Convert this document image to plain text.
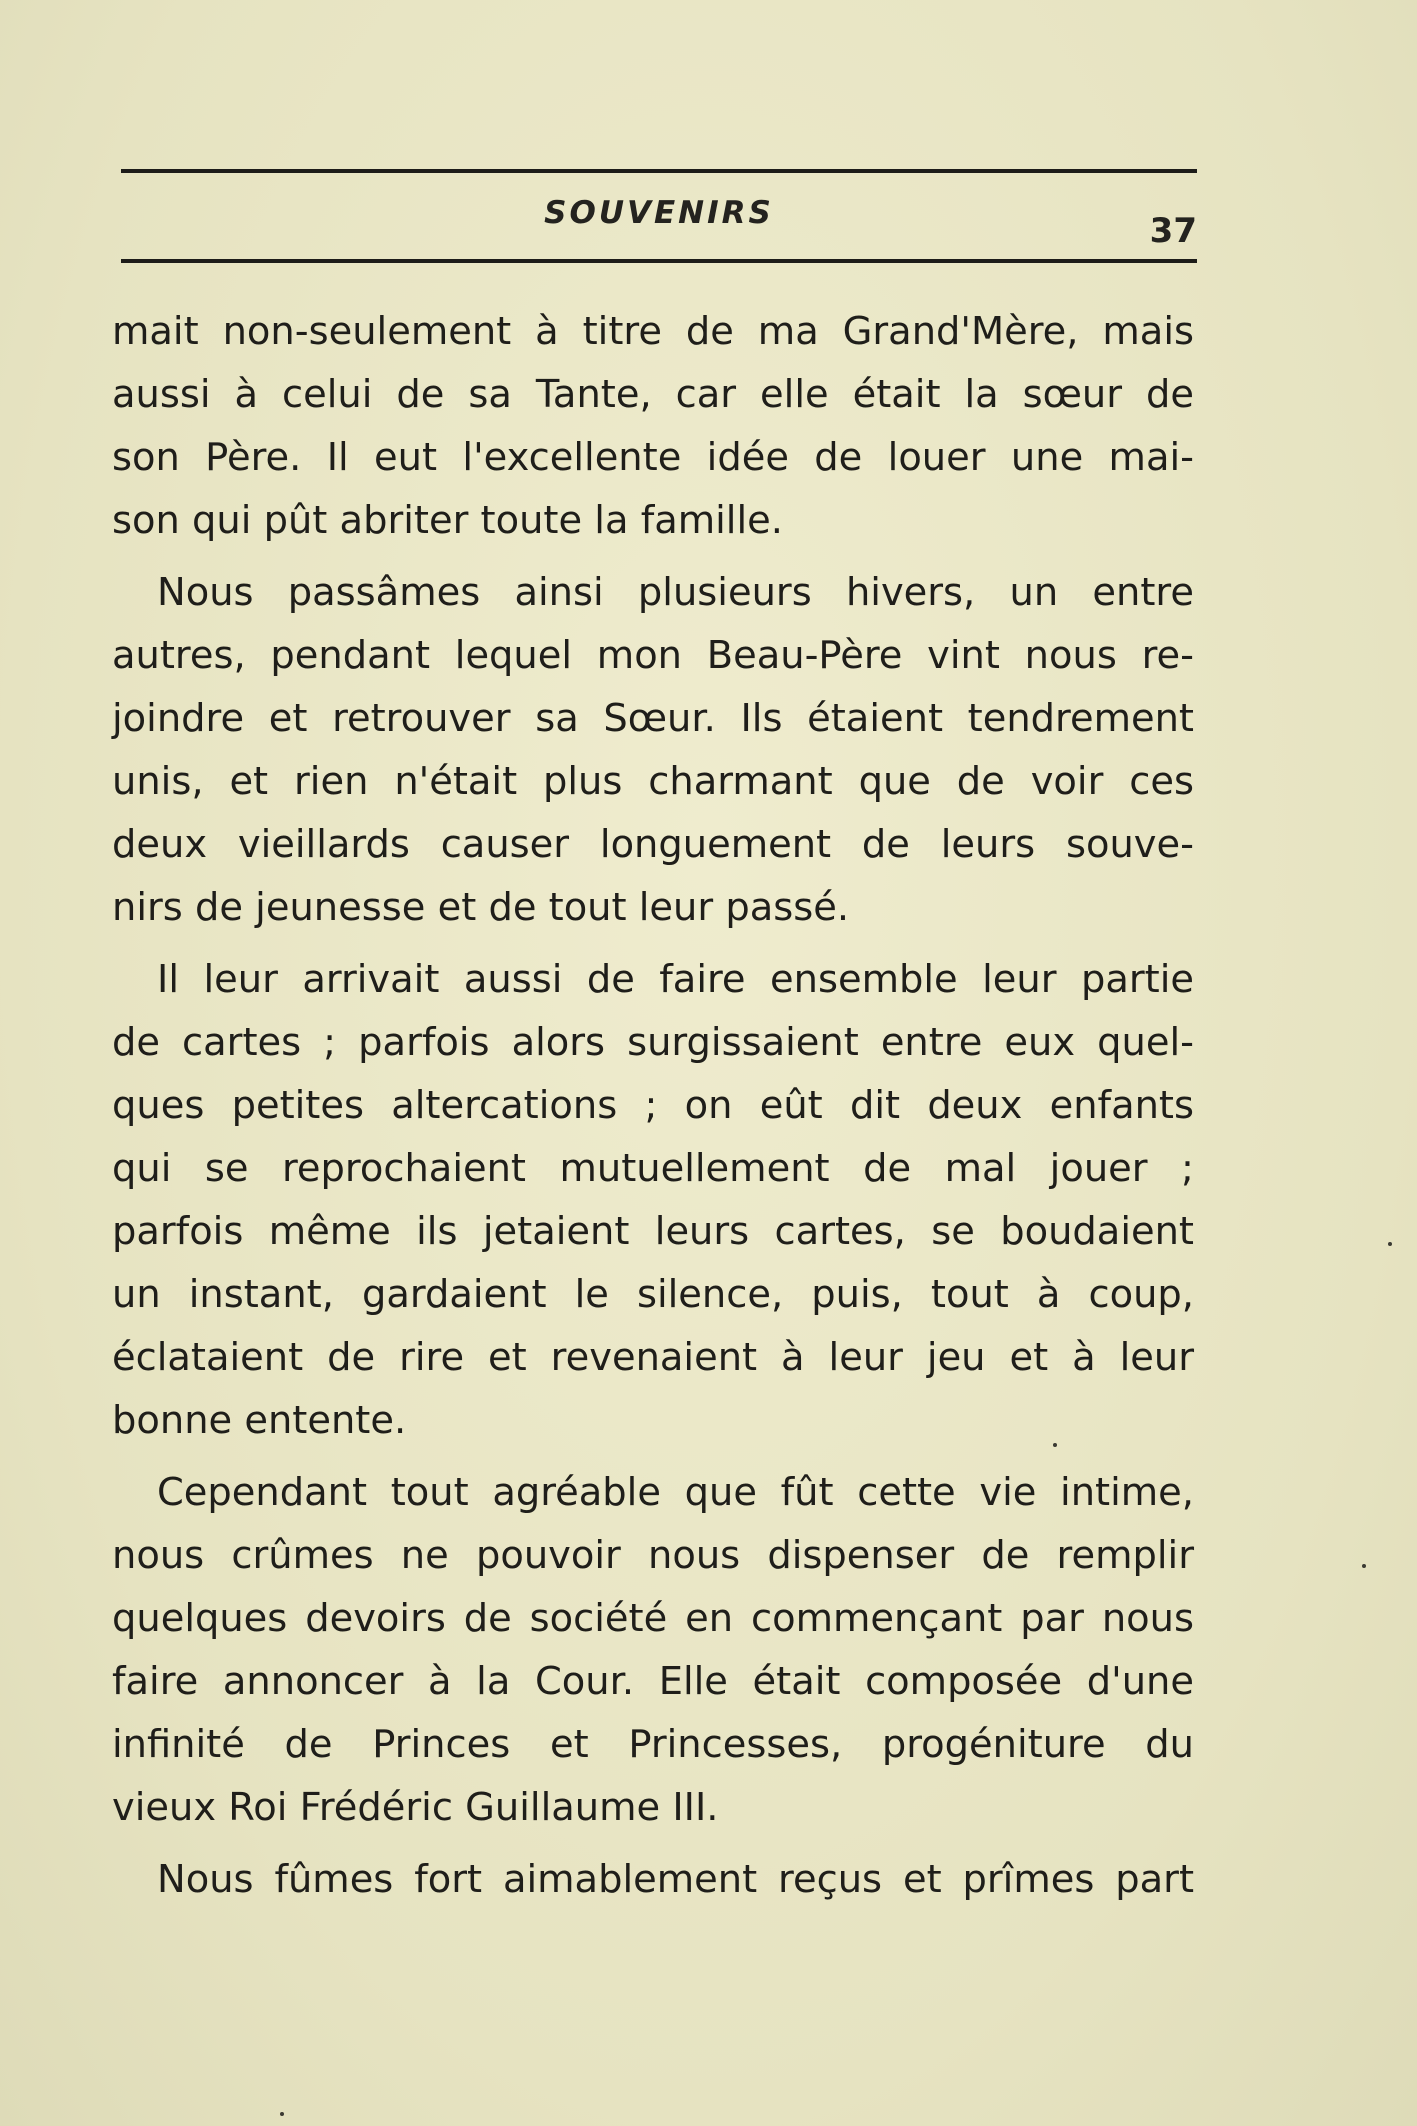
SOUVENIRS	37

mait non-seulement à titre de ma Grand'Mère, mais
aussi à celui de sa Tante, car elle était la sœur de
son Père. Il eut l'excellente idée de louer une mai-
son qui pût abriter toute la famille.

Nous passâmes ainsi plusieurs hivers, un entre
autres, pendant lequel mon Beau-Père vint nous re-
joindre et retrouver sa Sœur. Ils étaient tendrement
unis, et rien n'était plus charmant que de voir ces
deux vieillards causer longuement de leurs souve-
nirs de jeunesse et de tout leur passé.

Il leur arrivait aussi de faire ensemble leur partie
de cartes ; parfois alors surgissaient entre eux quel-
ques petites altercations ; on eût dit deux enfants
qui se reprochaient mutuellement de mal jouer ;
parfois même ils jetaient leurs cartes, se boudaient
un instant, gardaient le silence, puis, tout à coup,
éclataient de rire et revenaient à leur jeu et à leur
bonne entente.

Cependant tout agréable que fût cette vie intime,
nous crûmes ne pouvoir nous dispenser de remplir
quelques devoirs de société en commençant par nous
faire annoncer à la Cour. Elle était composée d'une
infinité de Princes et Princesses, progéniture du
vieux Roi Frédéric Guillaume III.

Nous fûmes fort aimablement reçus et prîmes part
